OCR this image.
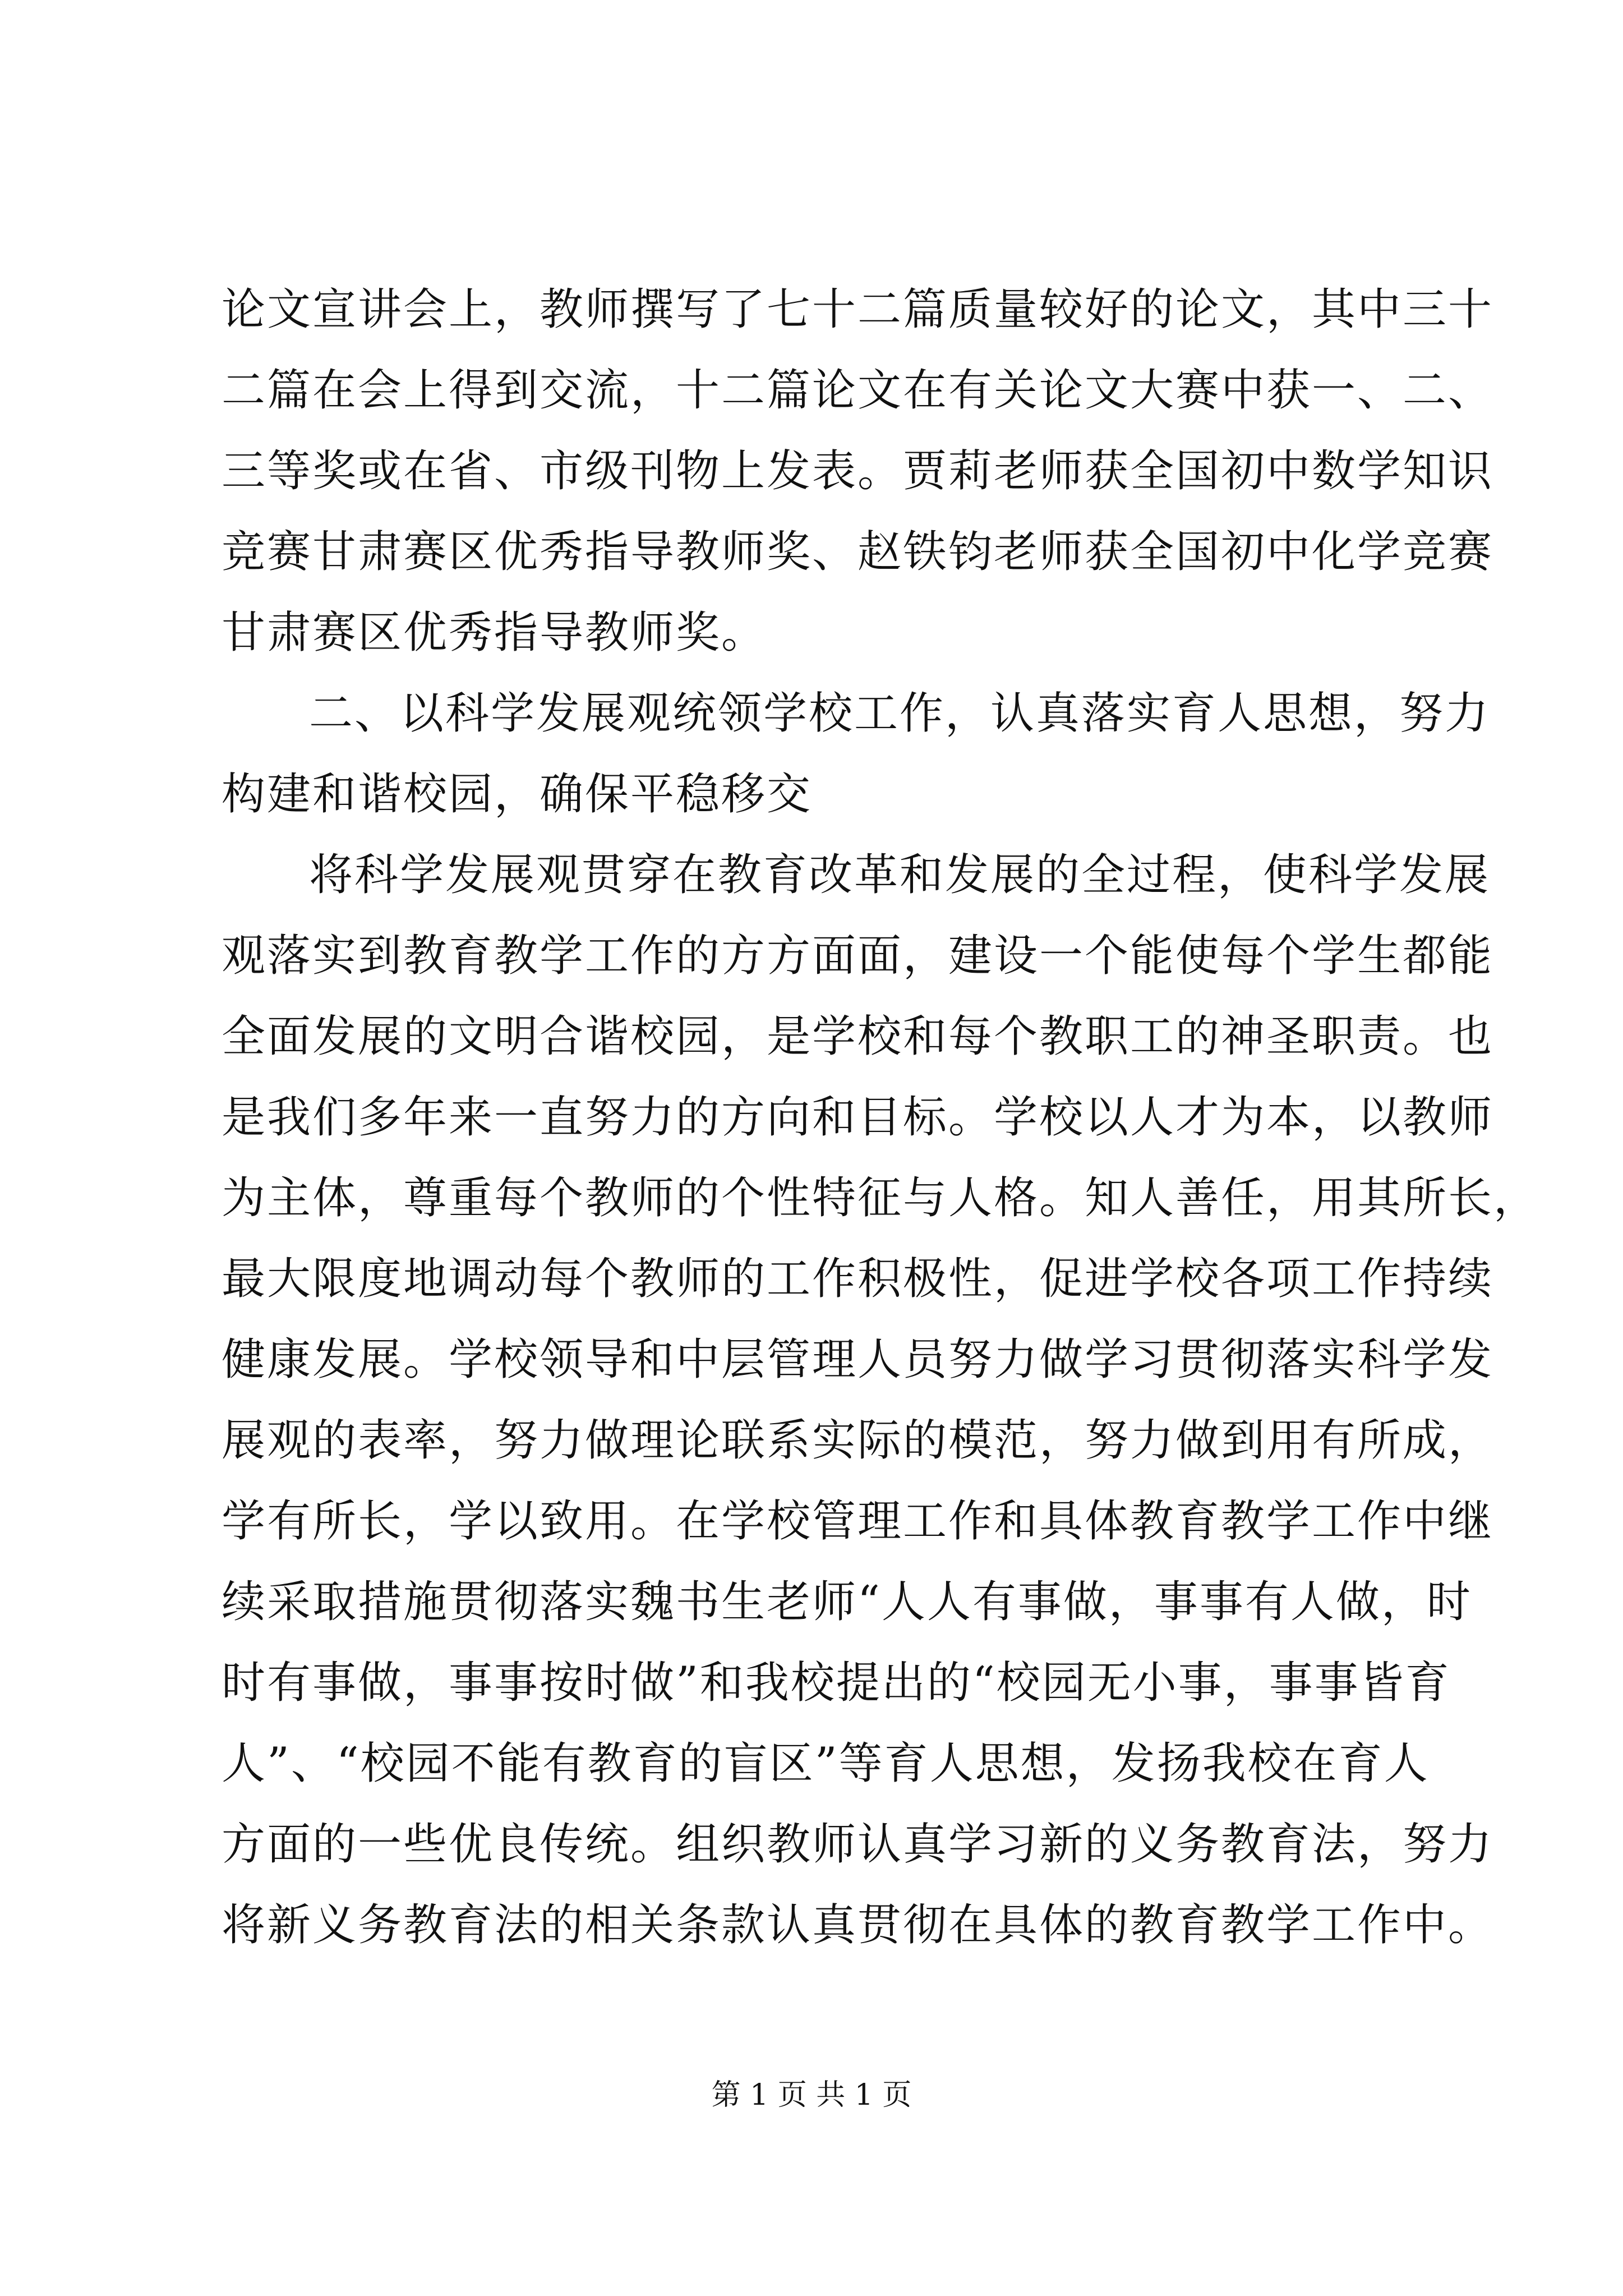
论文宣讲会上，教师撰写了七十二篇质量较好的论文，其中三十
二篇在会上得到交流，十二篇论文在有关论文大赛中获一、二、
三等奖或在省、市级刊物上发表。贾莉老师获全国初中数学知识
竞赛甘肃赛区优秀指导教师奖、赵铁钧老师获全国初中化学竞赛
甘肃赛区优秀指导教师奖。
二、以科学发展观统领学校工作，认真落实育人思想，努力
构建和谐校园，确保平稳移交
将科学发展观贯穿在教育改革和发展的全过程，使科学发展
观落实到教育教学工作的方方面面，建设一个能使每个学生都能
全面发展的文明合谐校园，是学校和每个教职工的神圣职责。也
是我们多年来一直努力的方向和目标。学校以人才为本，以教师
为主体，尊重每个教师的个性特征与人格。知人善任，用其所长，
最大限度地调动每个教师的工作积极性，促进学校各项工作持续
健康发展。学校领导和中层管理人员努力做学习贯彻落实科学发
展观的表率，努力做理论联系实际的模范，努力做到用有所成，
学有所长，学以致用。在学校管理工作和具体教育教学工作中继
续采取措施贯彻落实魏书生老师“人人有事做，事事有人做，时
时有事做，事事按时做”和我校提出的“校园无小事，事事皆育
人”、“校园不能有教育的盲区”等育人思想，发扬我校在育人
方面的一些优良传统。组织教师认真学习新的义务教育法，努力
将新义务教育法的相关条款认真贯彻在具体的教育教学工作中。
第 1 页 共 1 页
